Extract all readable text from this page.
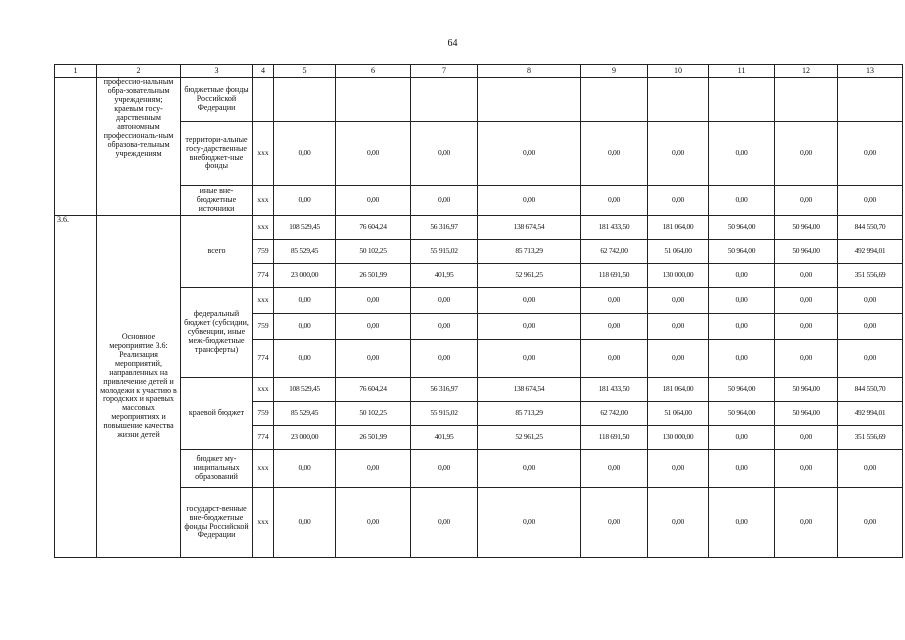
64
1	2	3	4	5	6	7	8	9	10	11	12	13
	профессио-нальным обра-зовательным учреждениям; краевым госу-дарственным автономным профессиональ-ным образова-тельным учреждениям	бюджетные фонды Российской Федерации										
		территори-альные госу-дарственные внебюджет-ные фонды	ххх	0,00	0,00	0,00	0,00	0,00	0,00	0,00	0,00	0,00
		иные вне-бюджетные источники	ххх	0,00	0,00	0,00	0,00	0,00	0,00	0,00	0,00	0,00
3.6.	Основное мероприятие 3.6: Реализация мероприятий, направленных на привлечение детей и молодежи к участию в городских и краевых массовых мероприятиях и повышение качества жизни детей	всего	ххх	108 529,45	76 604,24	56 316,97	138 674,54	181 433,50	181 064,00	50 964,00	50 964,00	844 550,70
			759	85 529,45	50 102,25	55 915,02	85 713,29	62 742,00	51 064,00	50 964,00	50 964,00	492 994,01
			774	23 000,00	26 501,99	401,95	52 961,25	118 691,50	130 000,00	0,00	0,00	351 556,69
		федеральный бюджет (субсидии, субвенции, иные меж-бюджетные трансферты)	ххх	0,00	0,00	0,00	0,00	0,00	0,00	0,00	0,00	0,00
			759	0,00	0,00	0,00	0,00	0,00	0,00	0,00	0,00	0,00
			774	0,00	0,00	0,00	0,00	0,00	0,00	0,00	0,00	0,00
		краевой бюджет	ххх	108 529,45	76 604,24	56 316,97	138 674,54	181 433,50	181 064,00	50 964,00	50 964,00	844 550,70
			759	85 529,45	50 102,25	55 915,02	85 713,29	62 742,00	51 064,00	50 964,00	50 964,00	492 994,01
			774	23 000,00	26 501,99	401,95	52 961,25	118 691,50	130 000,00	0,00	0,00	351 556,69
		бюджет му-ниципальных образований	ххх	0,00	0,00	0,00	0,00	0,00	0,00	0,00	0,00	0,00
		государст-венные вне-бюджетные фонды Российской Федерации	ххх	0,00	0,00	0,00	0,00	0,00	0,00	0,00	0,00	0,00
